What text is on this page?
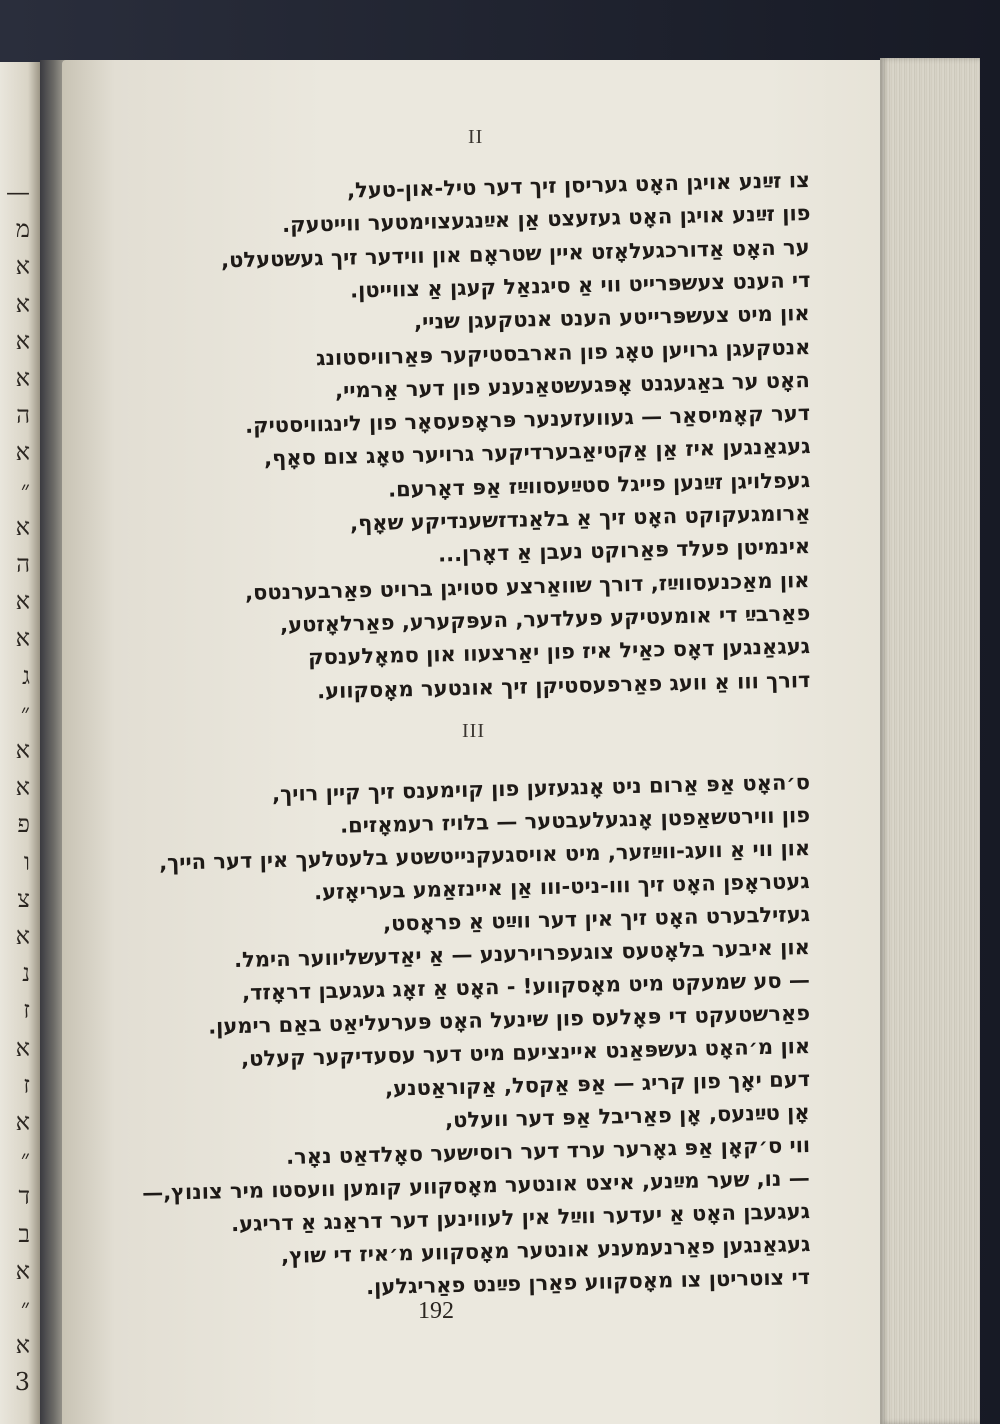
—
מ
א
א
א
א
ה
א
״
א
ה
א
א
ג
״
א
א
פ
ו
צ
א
נ
ז
א
ז
א
״
ד
ב
א
״
א
3
II
צו זײַנע אויגן האָט געריסן זיך דער טיל-און-טעל,
פון זײַנע אויגן האָט געזעצט אַן אײַנגעצוימטער ווייטעק.
ער האָט אַדורכגעלאָזט איין שטראָם און ווידער זיך געשטעלט,
די הענט צעשפּרייט ווי אַ סיגנאַל קעגן אַ צווייטן.
און מיט צעשפּרייטע הענט אנטקעגן שניי,
אנטקעגן גרויען טאָג פון הארבסטיקער פּאַרוויסטונג
האָט ער באַגעגנט אָפּגעשטאַנענע פון דער אַרמיי,
דער קאָמיסאַר — געוועזענער פּראָפעסאָר פון לינגוויסטיק.
געגאַנגען איז אַן אַקטיאַבערדיקער גרויער טאָג צום סאָף,
געפלויגן זײַנען פייגל סטײַעסווײַז אַפּ דאָרעם.
אַרומגעקוקט האָט זיך אַ בלאַנדזשענדיקע שאָף,
אינמיטן פעלד פּאַרוקט נעבן אַ דאָרן...
און מאַכנעסווײַז, דורך שוואַרצע סטויגן ברויט פאַרבערנטס,
פאַרבײַ די אומעטיקע פעלדער, העפּקערע, פאַרלאָזטע,
געגאַנגען דאָס כאַיל איז פון יאַרצעוו און סמאָלענסק
דורך ווו אַ וועג פאַרפעסטיקן זיך אונטער מאָסקווע.
III
ס׳האָט אַפּ אַרום ניט אָנגעזען פון קוימענס זיך קיין רויך,
פון ווירטשאַפטן אָנגעלעבטער — בלויז רעמאָזים.
און ווי אַ וועג-ווײַזער, מיט אויסגעקנייטשטע בלעטלעך אין דער הייך,
געטראָפן האָט זיך ווו-ניט-ווו אַן איינזאַמע בעריאָזע.
געזילבערט האָט זיך אין דער ווײַט אַ פראָסט,
און איבער בלאָטעס צוגעפרוירענע — אַ יאַדעשליווער הימל.
— סע שמעקט מיט מאָסקווע! - האָט אַ זאָג געגעבן דראָזד,
פאַרשטעקט די פּאָלעס פון שינעל האָט פּערעליאַט באַם רימען.
און מ׳האָט געשפּאַנט איינציעם מיט דער עסעדיקער קעלט,
דעם יאָך פון קריג — אַפּ אַקסל, אַקוראַטנע,
אָן טײַנעס, אָן פאַריבל אַפּ דער וועלט,
ווי ס׳קאָן אַפּ גאָרער ערד דער רוסישער סאָלדאַט נאָר.
— נו, שער מײַנע, איצט אונטער מאָסקווע קומען וועסטו מיר צונוץ,—
געגעבן האָט אַ יעדער ווײַל אין לעווינען דער דראַנג אַ דריגע.
געגאַנגען פאַרנעמענע אונטער מאָסקווע מ׳איז די שוץ,
די צוטריטן צו מאָסקווע פאַרן פײַנט פאַריגלען.
192
